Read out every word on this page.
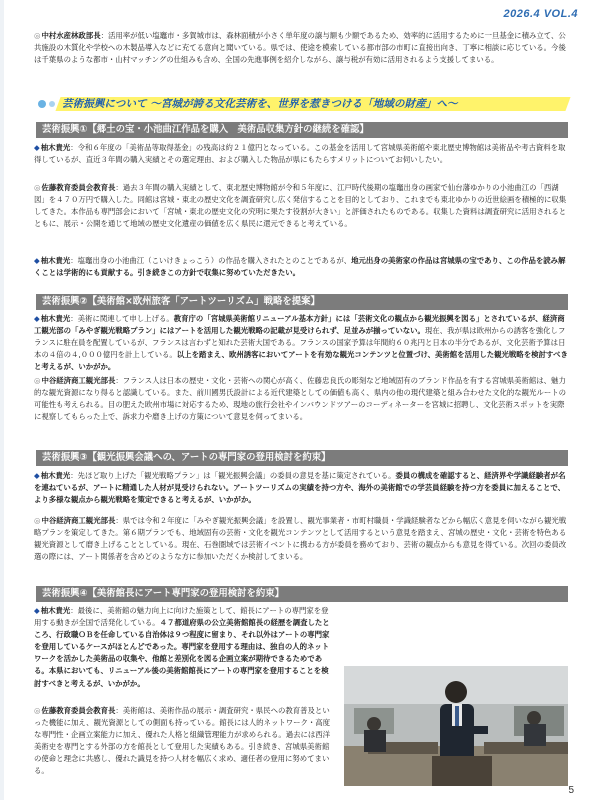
2026.4 VOL.4

◎中村水産林政部長：活用率が低い塩竈市・多賀城市は、森林面積が小さく単年度の譲与額も少額であるため、効率的に活用するために一旦基金に積み立て、公共施設の木質化や学校への木製品導入などに充てる意向と聞いている。県では、使途を模索している都市部の市町に直接出向き、丁寧に相談に応じている。今後は千葉県のような都市・山村マッチングの仕組みも含め、全国の先進事例を紹介しながら、譲与税が有効に活用されるよう支援してまいる。

芸術振興について 〜宮城が誇る文化芸術を、世界を惹きつける「地域の財産」へ〜
芸術振興①【郷土の宝・小池曲江作品を購入　美術品収集方針の継続を確認】

◆柚木貴光：令和６年度の「美術品等取得基金」の残高は約２１億円となっている。この基金を活用して宮城県美術館や東北歴史博物館は美術品や考古資料を取得しているが、直近３年間の購入実績とその選定理由、および購入した物品が県にもたらすメリットについてお伺いしたい。

◎佐藤教育委員会教育長：過去３年間の購入実績として、東北歴史博物館が令和５年度に、江戸時代後期の塩竈出身の画家で仙台藩ゆかりの小池曲江の「西湖図」を４７０万円で購入した。同館は宮城・東北の歴史文化を調査研究し広く発信することを目的としており、これまでも東北ゆかりの近世絵画を積極的に収集してきた。本作品も専門部会において「宮城・東北の歴史文化の究明に果たす役割が大きい」と評価されたものである。収集した資料は調査研究に活用されるとともに、展示・公開を通じて地域の歴史文化遺産の価値を広く県民に還元できると考えている。

◆柚木貴光：塩竈出身の小池曲江（こいけきょっこう）の作品を購入されたとのことであるが、地元出身の美術家の作品は宮城県の宝であり、この作品を読み解くことは学術的にも貢献する。引き続きこの方針で収集に努めていただきたい。

芸術振興②【美術館×欧州旅客「アートツーリズム」戦略を提案】

◆柚木貴光：美術に関連して申し上げる。教育庁の「宮城県美術館リニューアル基本方針」には「芸術文化の観点から観光振興を図る」とされているが、経済商工観光部の「みやぎ観光戦略プラン」にはアートを活用した観光戦略の記載が見受けられず、足並みが揃っていない。現在、我が県は欧州からの誘客を強化しフランスに駐在員を配置しているが、フランスは言わずと知れた芸術大国である。フランスの国家予算は年間約６０兆円と日本の半分であるが、文化芸術予算は日本の４倍の４,０００億円を計上している。以上を踏まえ、欧州誘客においてアートを有効な観光コンテンツと位置づけ、美術館を活用した観光戦略を検討すべきと考えるが、いかがか。

◎中谷経済商工観光部長：フランス人は日本の歴史・文化・芸術への関心が高く、佐藤忠良氏の彫刻など地域固有のブランド作品を有する宮城県美術館は、魅力的な観光資源になり得ると認識している。また、前川國男氏設計による近代建築としての価値も高く、県内の他の現代建築と組み合わせた文化的な観光ルートの可能性も考えられる。目の肥えた欧州市場に対応するため、現地の旅行会社やインバウンドツアーのコーディネーターを宮城に招聘し、文化芸術スポットを実際に視察してもらった上で、訴求力や磨き上げの方策について意見を伺ってまいる。

芸術振興③【観光振興会議への、アートの専門家の登用検討を約束】

◆柚木貴光：先ほど取り上げた「観光戦略プラン」は「観光振興会議」の委員の意見を基に策定されている。委員の構成を確認すると、経済界や学識経験者が名を連ねているが、アートに精通した人材が見受けられない。アートツーリズムの実績を持つ方や、海外の美術館での学芸員経験を持つ方を委員に加えることで、より多様な観点から観光戦略を策定できると考えるが、いかがか。

◎中谷経済商工観光部長：県では令和２年度に「みやぎ観光振興会議」を設置し、観光事業者・市町村職員・学識経験者などから幅広く意見を伺いながら観光戦略プランを策定してきた。第６期プランでも、地域固有の芸術・文化を観光コンテンツとして活用するという意見を踏まえ、宮城の歴史・文化・芸術を特色ある観光資源として磨き上げることとしている。現在、石巻圏域では芸術イベントに携わる方が委員を務めており、芸術の観点からも意見を得ている。次回の委員改選の際には、アート関係者を含めどのような方に参加いただくか検討してまいる。

芸術振興④【美術館長にアート専門家の登用検討を約束】

◆柚木貴光：最後に、美術館の魅力向上に向けた施策として、館長にアートの専門家を登用する動きが全国で活発化している。４７都道府県の公立美術館館長の経歴を調査したところ、行政職ＯＢを任命している自治体は９つ程度に留まり、それ以外はアートの専門家を登用しているケースがほとんどであった。専門家を登用する理由は、独自の人的ネットワークを活かした美術品の収集や、他館と差別化を図る企画立案が期待できるためである。本県においても、リニューアル後の美術館館長にアートの専門家を登用することを検討すべきと考えるが、いかがか。

◎佐藤教育委員会教育長：美術館は、美術作品の展示・調査研究・県民への教育普及といった機能に加え、観光資源としての側面も持っている。館長には人的ネットワーク・高度な専門性・企画立案能力に加え、優れた人格と組織管理能力が求められる。過去には西洋美術史を専門とする外部の方を館長として登用した実績もある。引き続き、宮城県美術館の使命と理念に共感し、優れた識見を持つ人材を幅広く求め、適任者の登用に努めてまいる。

5
